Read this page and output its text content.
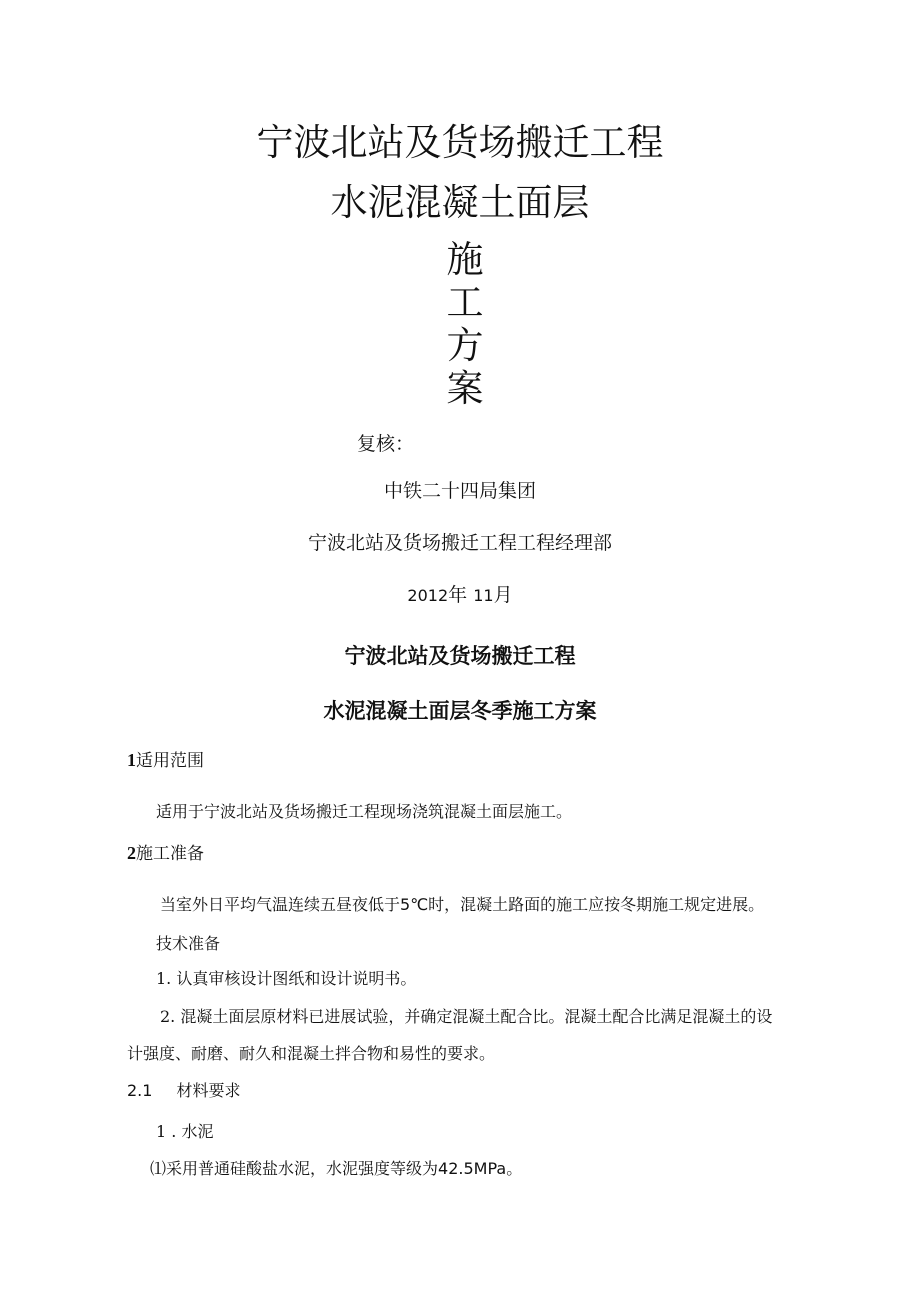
宁波北站及货场搬迁工程
水泥混凝土面层
施
工
方
案
复核：
中铁二十四局集团
宁波北站及货场搬迁工程工程经理部
2012年 11月
宁波北站及货场搬迁工程
水泥混凝土面层冬季施工方案
1适用范围
适用于宁波北站及货场搬迁工程现场浇筑混凝土面层施工。
2施工准备
当室外日平均气温连续五昼夜低于5℃时，混凝土路面的施工应按冬期施工规定进展。
技术准备
1. 认真审核设计图纸和设计说明书。
2. 混凝土面层原材料已进展试验，并确定混凝土配合比。混凝土配合比满足混凝土的设
计强度、耐磨、耐久和混凝土拌合物和易性的要求。
2.1 材料要求
1 . 水泥
⑴采用普通硅酸盐水泥，水泥强度等级为42.5MPa。
